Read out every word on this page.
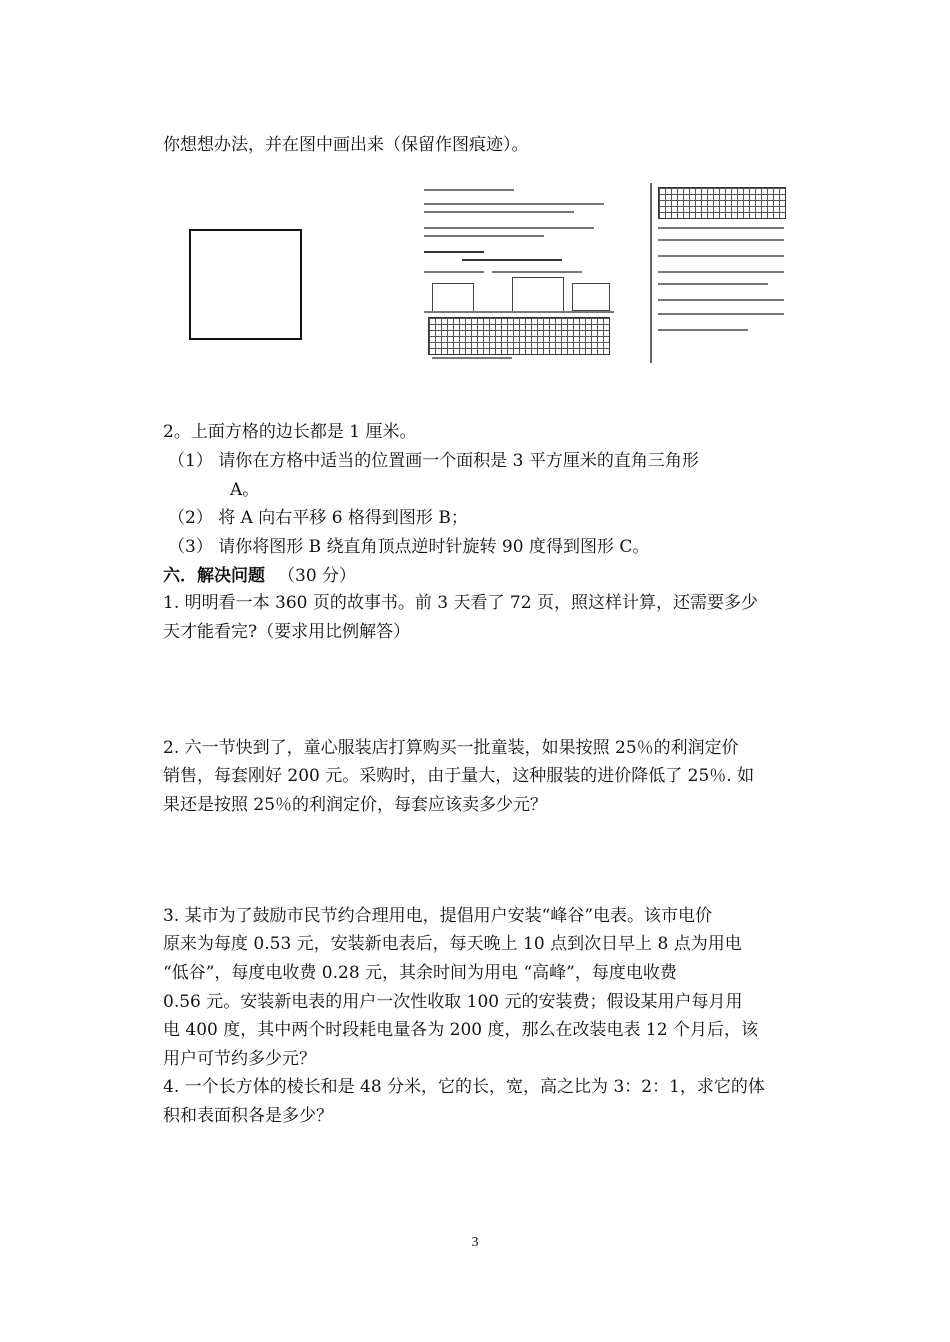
你想想办法，并在图中画出来（保留作图痕迹）。
2。上面方格的边长都是 1 厘米。
（1） 请你在方格中适当的位置画一个面积是 3 平方厘米的直角三角形
A。
（2） 将 A 向右平移 6 格得到图形 B；
（3） 请你将图形 B 绕直角顶点逆时针旋转 90 度得到图形 C。
六．解决问题 （30 分）
1. 明明看一本 360 页的故事书。前 3 天看了 72 页，照这样计算，还需要多少
天才能看完?（要求用比例解答）
2. 六一节快到了，童心服装店打算购买一批童装，如果按照 25％的利润定价
销售，每套刚好 200 元。采购时，由于量大，这种服装的进价降低了 25％. 如
果还是按照 25％的利润定价，每套应该卖多少元？
3. 某市为了鼓励市民节约合理用电，提倡用户安装“峰谷”电表。该市电价
原来为每度 0.53 元，安装新电表后，每天晚上 10 点到次日早上 8 点为用电
“低谷”，每度电收费 0.28 元，其余时间为用电 “高峰”，每度电收费
0.56 元。安装新电表的用户一次性收取 100 元的安装费；假设某用户每月用
电 400 度，其中两个时段耗电量各为 200 度，那么在改装电表 12 个月后，该
用户可节约多少元？
4. 一个长方体的棱长和是 48 分米，它的长，宽，高之比为 3：2：1，求它的体
积和表面积各是多少？
3
